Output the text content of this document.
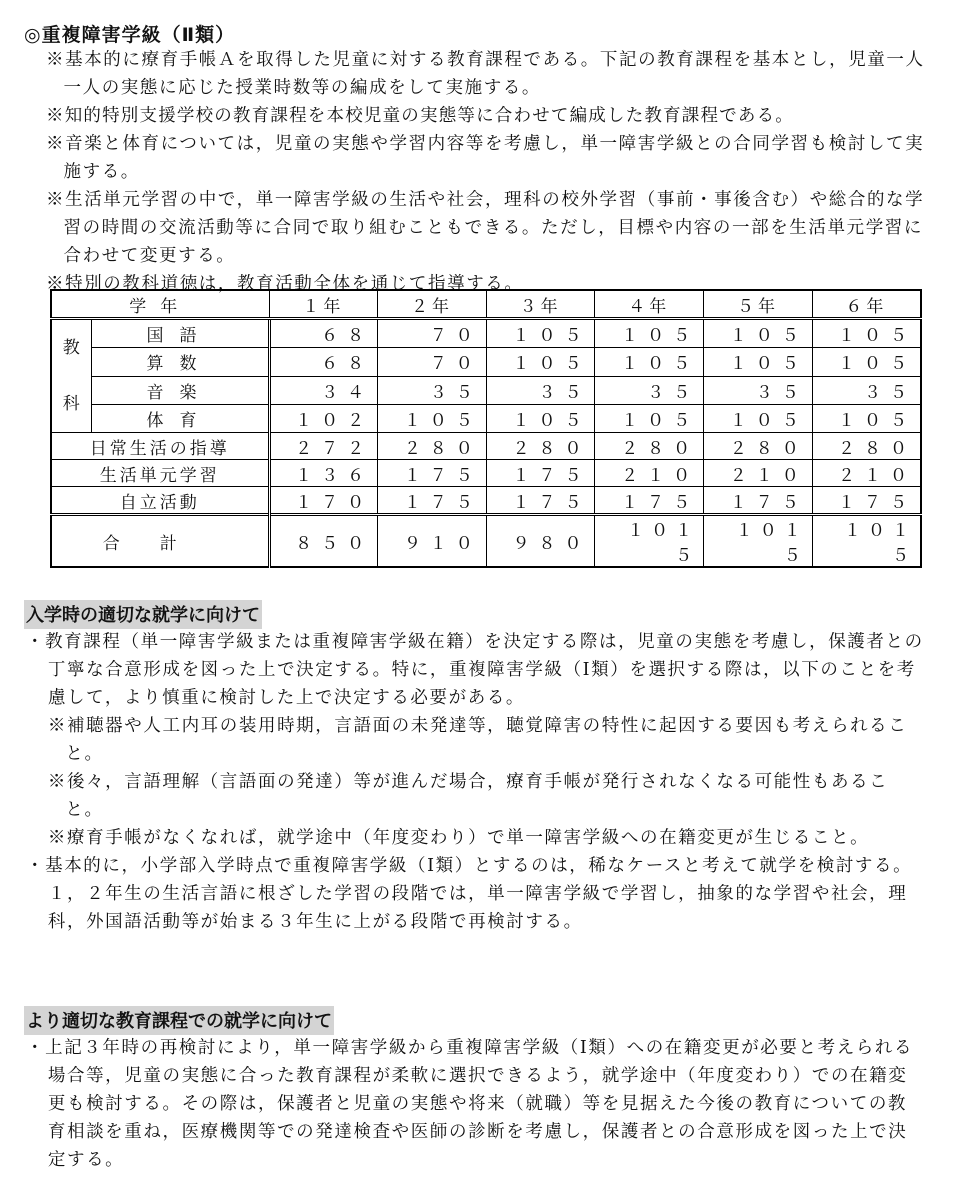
◎重複障害学級（Ⅱ類）
※基本的に療育手帳Ａを取得した児童に対する教育課程である。下記の教育課程を基本とし，児童一人一人の実態に応じた授業時数等の編成をして実施する。
※知的特別支援学校の教育課程を本校児童の実態等に合わせて編成した教育課程である。
※音楽と体育については，児童の実態や学習内容等を考慮し，単一障害学級との合同学習も検討して実施する。
※生活単元学習の中で，単一障害学級の生活や社会，理科の校外学習（事前・事後含む）や総合的な学習の時間の交流活動等に合同で取り組むこともできる。ただし，目標や内容の一部を生活単元学習に合わせて変更する。
※特別の教科道徳は，教育活動全体を通じて指導する。
学年		１年	２年	３年	４年	５年	６年
教科	国語	６８	７０	１０５	１０５	１０５	１０５
	算数	６８	７０	１０５	１０５	１０５	１０５
	音楽	３４	３５	３５	３５	３５	３５
	体育	１０２	１０５	１０５	１０５	１０５	１０５
日常生活の指導		２７２	２８０	２８０	２８０	２８０	２８０
生活単元学習		１３６	１７５	１７５	２１０	２１０	２１０
自立活動		１７０	１７５	１７５	１７５	１７５	１７５
合計		８５０	９１０	９８０	１０１５	１０１５	１０１５
入学時の適切な就学に向けて
・教育課程（単一障害学級または重複障害学級在籍）を決定する際は，児童の実態を考慮し，保護者との丁寧な合意形成を図った上で決定する。特に，重複障害学級（Ⅰ類）を選択する際は，以下のことを考慮して，より慎重に検討した上で決定する必要がある。
※補聴器や人工内耳の装用時期，言語面の未発達等，聴覚障害の特性に起因する要因も考えられること。
※後々，言語理解（言語面の発達）等が進んだ場合，療育手帳が発行されなくなる可能性もあること。
※療育手帳がなくなれば，就学途中（年度変わり）で単一障害学級への在籍変更が生じること。
・基本的に，小学部入学時点で重複障害学級（Ⅰ類）とするのは，稀なケースと考えて就学を検討する。１，２年生の生活言語に根ざした学習の段階では，単一障害学級で学習し，抽象的な学習や社会，理科，外国語活動等が始まる３年生に上がる段階で再検討する。
より適切な教育課程での就学に向けて
・上記３年時の再検討により，単一障害学級から重複障害学級（Ⅰ類）への在籍変更が必要と考えられる場合等，児童の実態に合った教育課程が柔軟に選択できるよう，就学途中（年度変わり）での在籍変更も検討する。その際は，保護者と児童の実態や将来（就職）等を見据えた今後の教育についての教育相談を重ね，医療機関等での発達検査や医師の診断を考慮し，保護者との合意形成を図った上で決定する。
